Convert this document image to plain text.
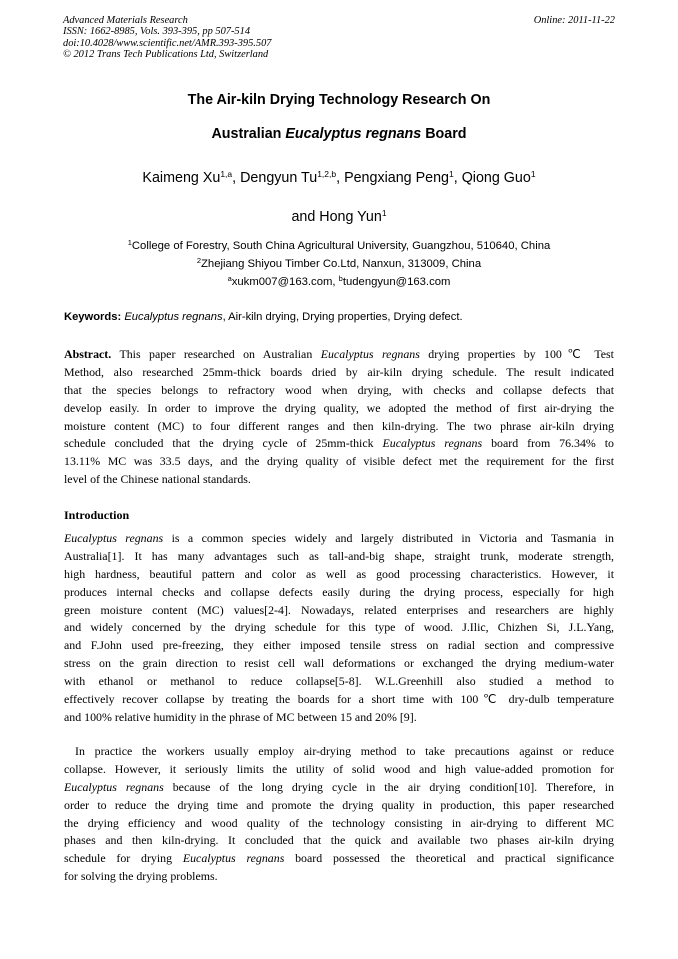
Advanced Materials Research
ISSN: 1662-8985, Vols. 393-395, pp 507-514
doi:10.4028/www.scientific.net/AMR.393-395.507
© 2012 Trans Tech Publications Ltd, Switzerland
Online: 2011-11-22
The Air-kiln Drying Technology Research On
Australian Eucalyptus regnans Board
Kaimeng Xu$^{1,a}$, Dengyun Tu$^{1,2,b}$, Pengxiang Peng$^1$, Qiong Guo$^1$
and Hong Yun$^1$
$^1$College of Forestry, South China Agricultural University, Guangzhou, 510640, China
$^2$Zhejiang Shiyou Timber Co.Ltd, Nanxun, 313009, China
$^a$xukm007@163.com, $^b$tudengyun@163.com
Keywords: Eucalyptus regnans, Air-kiln drying, Drying properties, Drying defect.
Abstract. This paper researched on Australian Eucalyptus regnans drying properties by 100℃ Test
Method, also researched 25mm-thick boards dried by air-kiln drying schedule. The result indicated
that the species belongs to refractory wood when drying, with checks and collapse defects that
develop easily. In order to improve the drying quality, we adopted the method of first air-drying the
moisture content (MC) to four different ranges and then kiln-drying. The two phrase air-kiln drying
schedule concluded that the drying cycle of 25mm-thick Eucalyptus regnans board from 76.34% to
13.11% MC was 33.5 days, and the drying quality of visible defect met the requirement for the first
level of the Chinese national standards.
Introduction
Eucalyptus regnans is a common species widely and largely distributed in Victoria and Tasmania in
Australia[1]. It has many advantages such as tall-and-big shape, straight trunk, moderate strength,
high hardness, beautiful pattern and color as well as good processing characteristics. However, it
produces internal checks and collapse defects easily during the drying process, especially for high
green moisture content (MC) values[2-4]. Nowadays, related enterprises and researchers are highly
and widely concerned by the drying schedule for this type of wood. J.Ilic, Chizhen Si, J.L.Yang,
and F.John used pre-freezing, they either imposed tensile stress on radial section and compressive
stress on the grain direction to resist cell wall deformations or exchanged the drying medium-water
with ethanol or methanol to reduce collapse[5-8]. W.L.Greenhill also studied a method to
effectively recover collapse by treating the boards for a short time with 100℃ dry-dulb temperature
and 100% relative humidity in the phrase of MC between 15 and 20% [9].
In practice the workers usually employ air-drying method to take precautions against or reduce
collapse. However, it seriously limits the utility of solid wood and high value-added promotion for
Eucalyptus regnans because of the long drying cycle in the air drying condition[10]. Therefore, in
order to reduce the drying time and promote the drying quality in production, this paper researched
the drying efficiency and wood quality of the technology consisting in air-drying to different MC
phases and then kiln-drying. It concluded that the quick and available two phases air-kiln drying
schedule for drying Eucalyptus regnans board possessed the theoretical and practical significance
for solving the drying problems.
